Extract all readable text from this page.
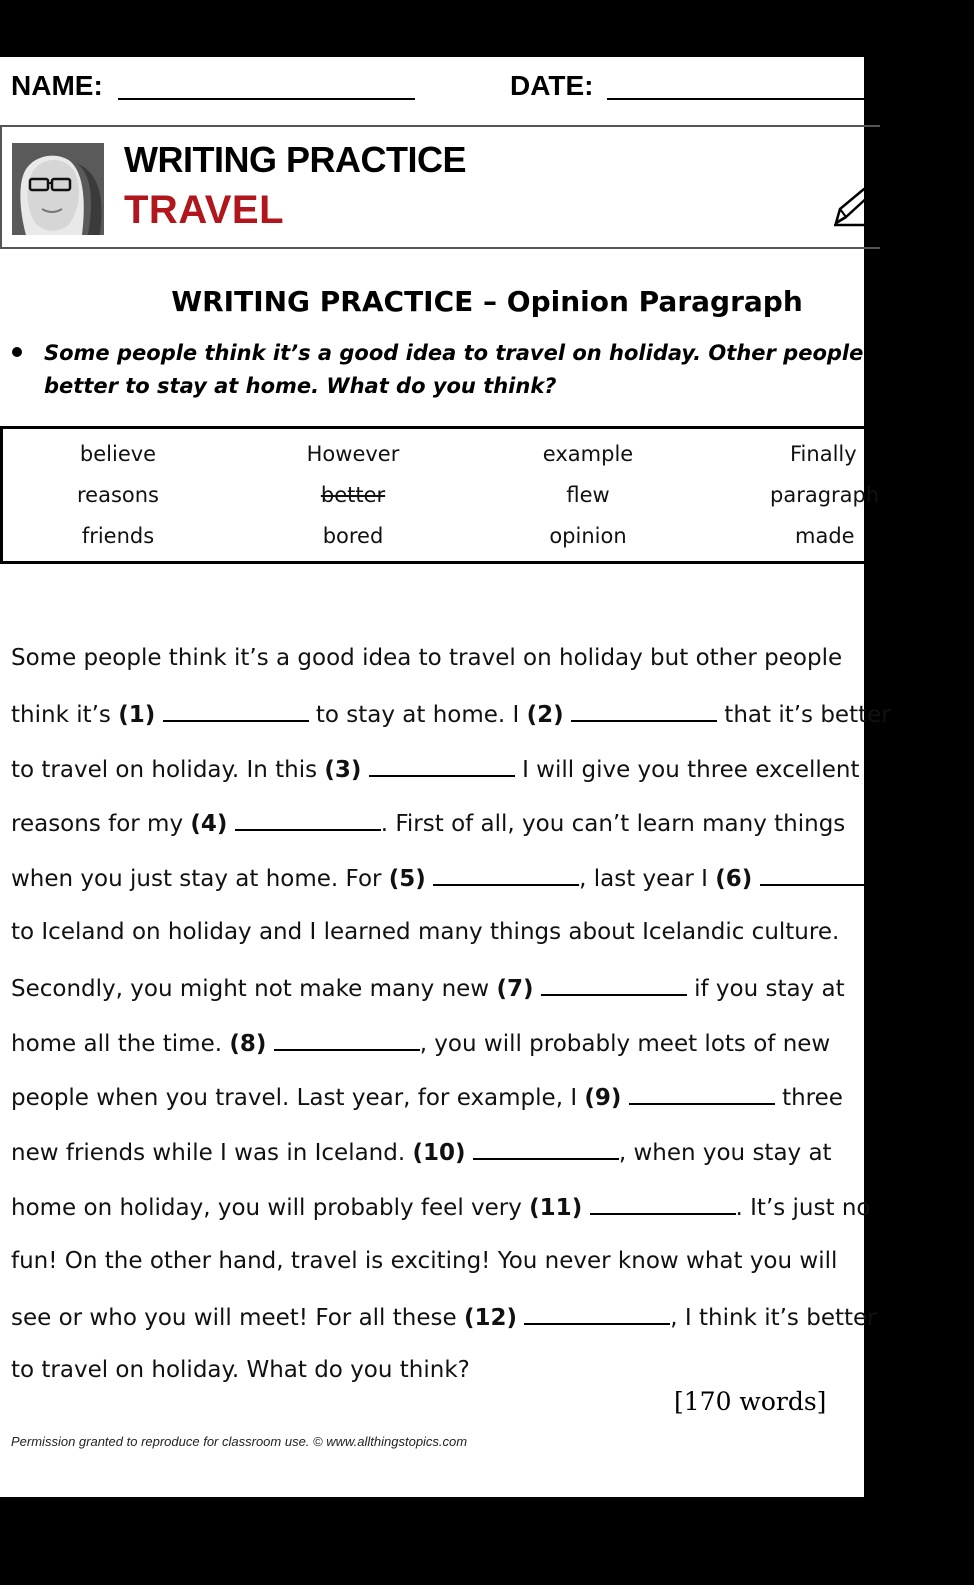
NAME:	DATE:
WRITING PRACTICE
TRAVEL
WRITING PRACTICE – Opinion Paragraph
Some people think it’s a good idea to travel on holiday. Other people think
better to stay at home. What do you think?
believe	However	example	Finally
reasons	better	flew	paragraph
friends	bored	opinion	made
Some people think it’s a good idea to travel on holiday but other people
think it’s (1)	to stay at home. I (2)	that it’s better
to travel on holiday. In this (3)	I will give you three excellent
reasons for my (4)	. First of all, you can’t learn many things
when you just stay at home. For (5)	, last year I (6)
to Iceland on holiday and I learned many things about Icelandic culture.
Secondly, you might not make many new (7)	if you stay at
home all the time. (8)	, you will probably meet lots of new
people when you travel. Last year, for example, I (9)	three
new friends while I was in Iceland. (10)	, when you stay at
home on holiday, you will probably feel very (11)	. It’s just no
fun! On the other hand, travel is exciting! You never know what you will
see or who you will meet! For all these (12)	, I think it’s better
to travel on holiday. What do you think?
[170 words]
Permission granted to reproduce for classroom use. © www.allthingstopics.com
